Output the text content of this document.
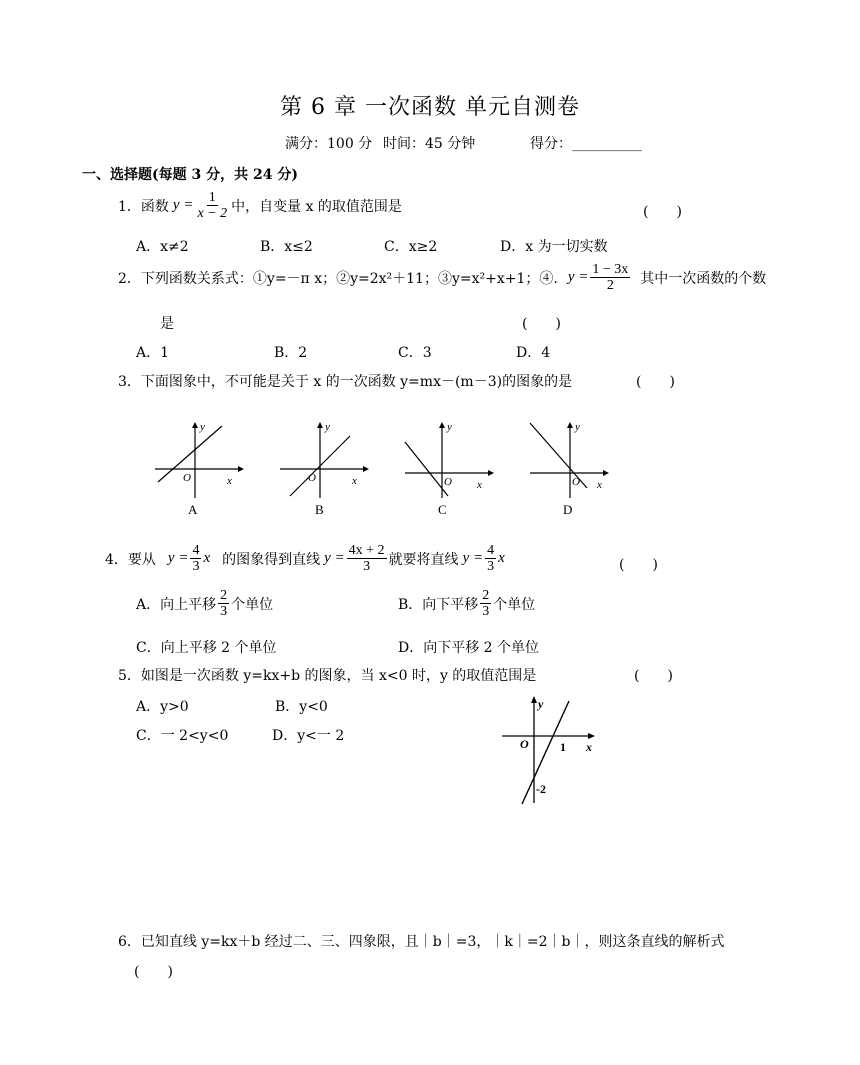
第 6 章 一次函数 单元自测卷
满分：100 分 时间：45 分钟	得分：__________
一、选择题(每题 3 分，共 24 分)
1．函数 $y = \frac{1}{x - 2}$ 中，自变量 x 的取值范围是	(　　)
A．x≠2	B．x≤2	C．x≥2	D．x 为一切实数
2．下列函数关系式：①y=－π x；②y=2x²＋11；③y=x²+x+1；④. $y = \frac{1 - 3x}{2}$ 其中一次函数的个数
是	(　　)
A．1	B．2	C．3	D．4
3．下面图象中，不可能是关于 x 的一次函数 y=mx－(m－3)的图象的是	(　　)
y
x
O
A
y
x
O
B
y
x
O
C
y
x
O
D
4．要从 $y = \frac{4}{3}$ x 的图象得到直线 $y = \frac{4x + 2}{3}$ 就要将直线 $y = \frac{4}{3}$ x	(　　)
A．向上平移 $\frac{2}{3}$ 个单位	B．向下平移 $\frac{2}{3}$ 个单位
C．向上平移 2 个单位	D．向下平移 2 个单位
5．如图是一次函数 y=kx+b 的图象，当 x<0 时，y 的取值范围是	(　　)
A．y>0	B．y<0
C．一 2<y<0	D．y<一 2
y
x
O	1
-2
6．已知直线 y=kx＋b 经过二、三、四象限，且｜b｜=3，｜k｜=2｜b｜，则这条直线的解析式
(　　)
